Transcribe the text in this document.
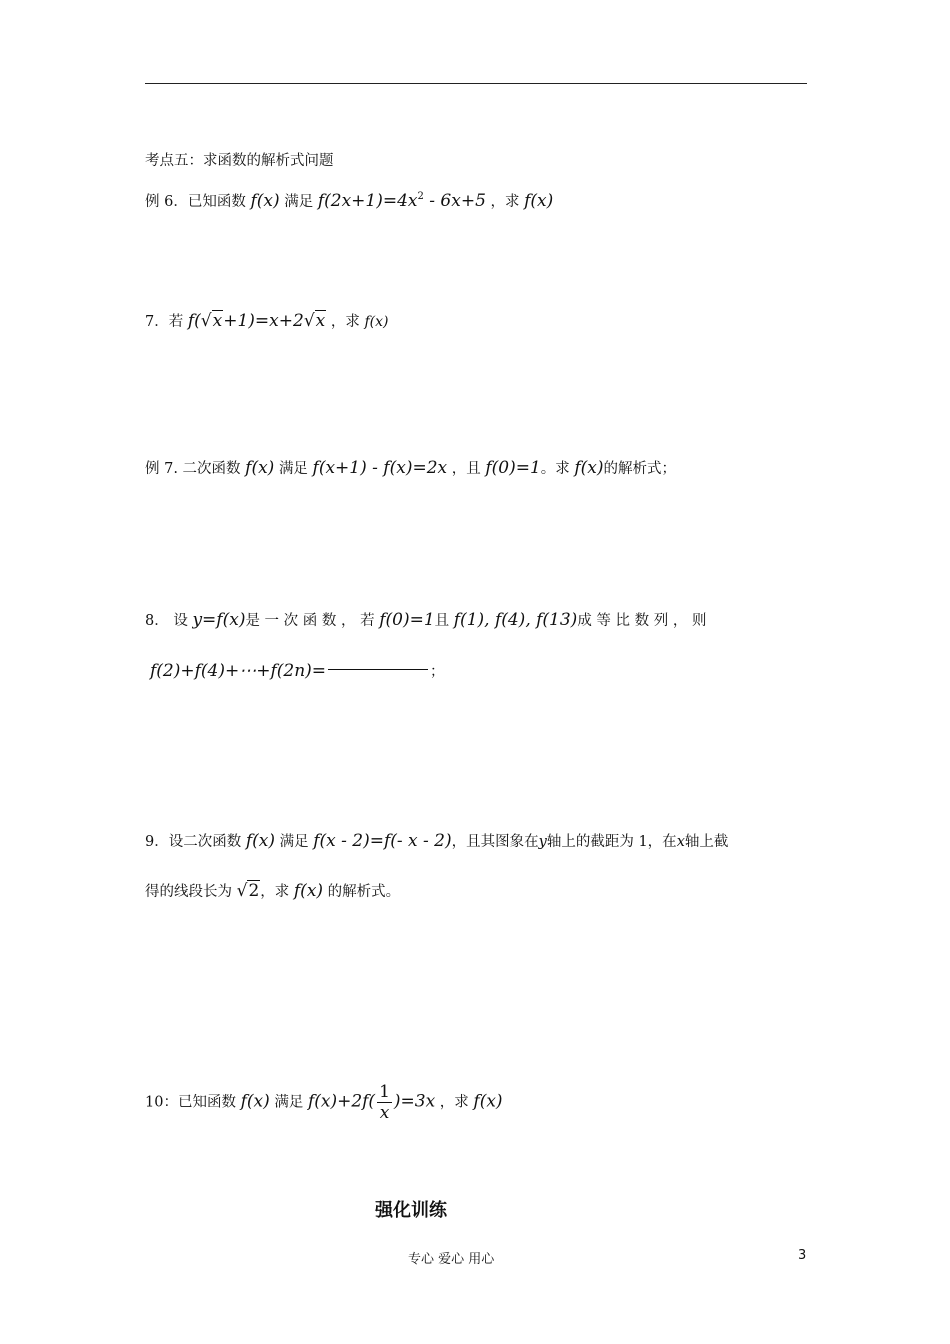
考点五：求函数的解析式问题
例 6．已知函数 f(x) 满足 $f(2x+1)=4x^2 - 6x+5$ ，求 f(x)
7．若 f(√x+1)=x+2√x ，求 f(x)
例 7. 二次函数 f(x) 满足 f(x+1) - f(x)=2x ，且 f(0)=1。求 f(x)的解析式；
8． 设 y=f(x)是 一 次 函 数 ， 若 f(0)=1且 f(1), f(4), f(13)成 等 比 数 列 ， 则
f(2)+f(4)+⋯+f(2n)=	；
9．设二次函数 f(x) 满足 f(x - 2)=f(- x - 2)，且其图象在y轴上的截距为 1，在x轴上截
得的线段长为 √2，求 f(x) 的解析式。
10：已知函数 f(x) 满足 $f(x)+2f( \frac{1}{x} )=3x$ ，求 f(x)
强化训练
专心 爱心 用心	3
